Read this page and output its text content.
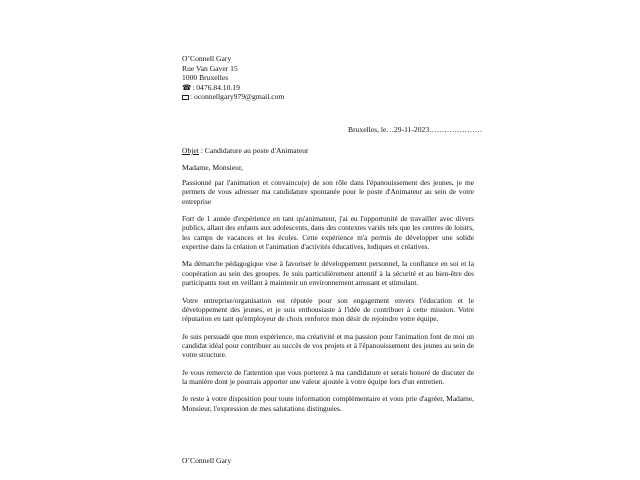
O’Connell Gary
Rue Van Gaver 15
1000 Bruxelles
☎: 0476.84.10.19
: oconnellgary979@gmail.com
Bruxelles, le…29-11-2023…………………
Objet : Candidature au poste d'Animateur
Madame, Monsieur,

Passionné par l'animation et convaincu(e) de son rôle dans l'épanouissement des jeunes, je me permets de vous adresser ma candidature spontanée pour le poste d'Animateur au sein de votre entreprise

Fort de 1 année d'expérience en tant qu'animateur, j'ai eu l'opportunité de travailler avec divers publics, allant des enfants aux adolescents, dans des contextes variés tels que les centres de loisirs, les camps de vacances et les écoles. Cette expérience m'a permis de développer une solide expertise dans la création et l'animation d'activités éducatives, ludiques et créatives.

Ma démarche pédagogique vise à favoriser le développement personnel, la confiance en soi et la coopération au sein des groupes. Je suis particulièrement attentif à la sécurité et au bien-être des participants tout en veillant à maintenir un environnement amusant et stimulant.

Votre entreprise/organisation est réputée pour son engagement envers l'éducation et le développement des jeunes, et je suis enthousiaste à l'idée de contribuer à cette mission. Votre réputation en tant qu'employeur de choix renforce mon désir de rejoindre votre équipe.

Je suis persuadé que mon expérience, ma créativité et ma passion pour l'animation font de moi un candidat idéal pour contribuer au succès de vos projets et à l'épanouissement des jeunes au sein de votre structure.

Je vous remercie de l'attention que vous porterez à ma candidature et serais honoré de discuter de la manière dont je pourrais apporter une valeur ajoutée à votre équipe lors d'un entretien.

Je reste à votre disposition pour toute information complémentaire et vous prie d'agréer, Madame, Monsieur, l'expression de mes salutations distinguées.

O’Connell Gary
